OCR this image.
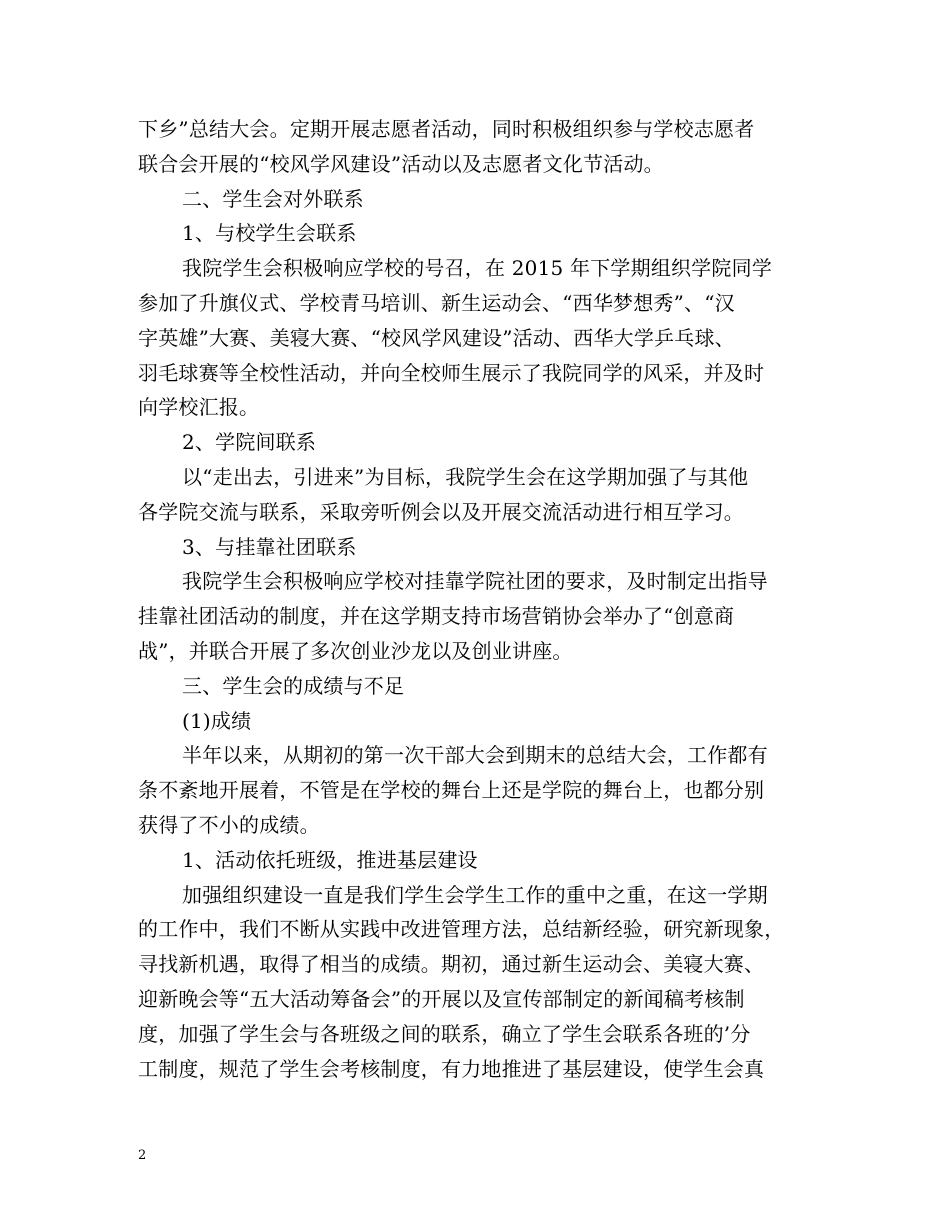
下乡”总结大会。定期开展志愿者活动，同时积极组织参与学校志愿者
联合会开展的“校风学风建设”活动以及志愿者文化节活动。
二、学生会对外联系
1、与校学生会联系
我院学生会积极响应学校的号召，在 2015 年下学期组织学院同学
参加了升旗仪式、学校青马培训、新生运动会、“西华梦想秀”、“汉
字英雄”大赛、美寝大赛、“校风学风建设”活动、西华大学乒乓球、
羽毛球赛等全校性活动，并向全校师生展示了我院同学的风采，并及时
向学校汇报。
2、学院间联系
以“走出去，引进来”为目标，我院学生会在这学期加强了与其他
各学院交流与联系，采取旁听例会以及开展交流活动进行相互学习。
3、与挂靠社团联系
我院学生会积极响应学校对挂靠学院社团的要求，及时制定出指导
挂靠社团活动的制度，并在这学期支持市场营销协会举办了“创意商
战”，并联合开展了多次创业沙龙以及创业讲座。
三、学生会的成绩与不足
(1)成绩
半年以来，从期初的第一次干部大会到期末的总结大会，工作都有
条不紊地开展着，不管是在学校的舞台上还是学院的舞台上，也都分别
获得了不小的成绩。
1、活动依托班级，推进基层建设
加强组织建设一直是我们学生会学生工作的重中之重，在这一学期
的工作中，我们不断从实践中改进管理方法，总结新经验，研究新现象，
寻找新机遇，取得了相当的成绩。期初，通过新生运动会、美寝大赛、
迎新晚会等“五大活动筹备会”的开展以及宣传部制定的新闻稿考核制
度，加强了学生会与各班级之间的联系，确立了学生会联系各班的’分
工制度，规范了学生会考核制度，有力地推进了基层建设，使学生会真
2
